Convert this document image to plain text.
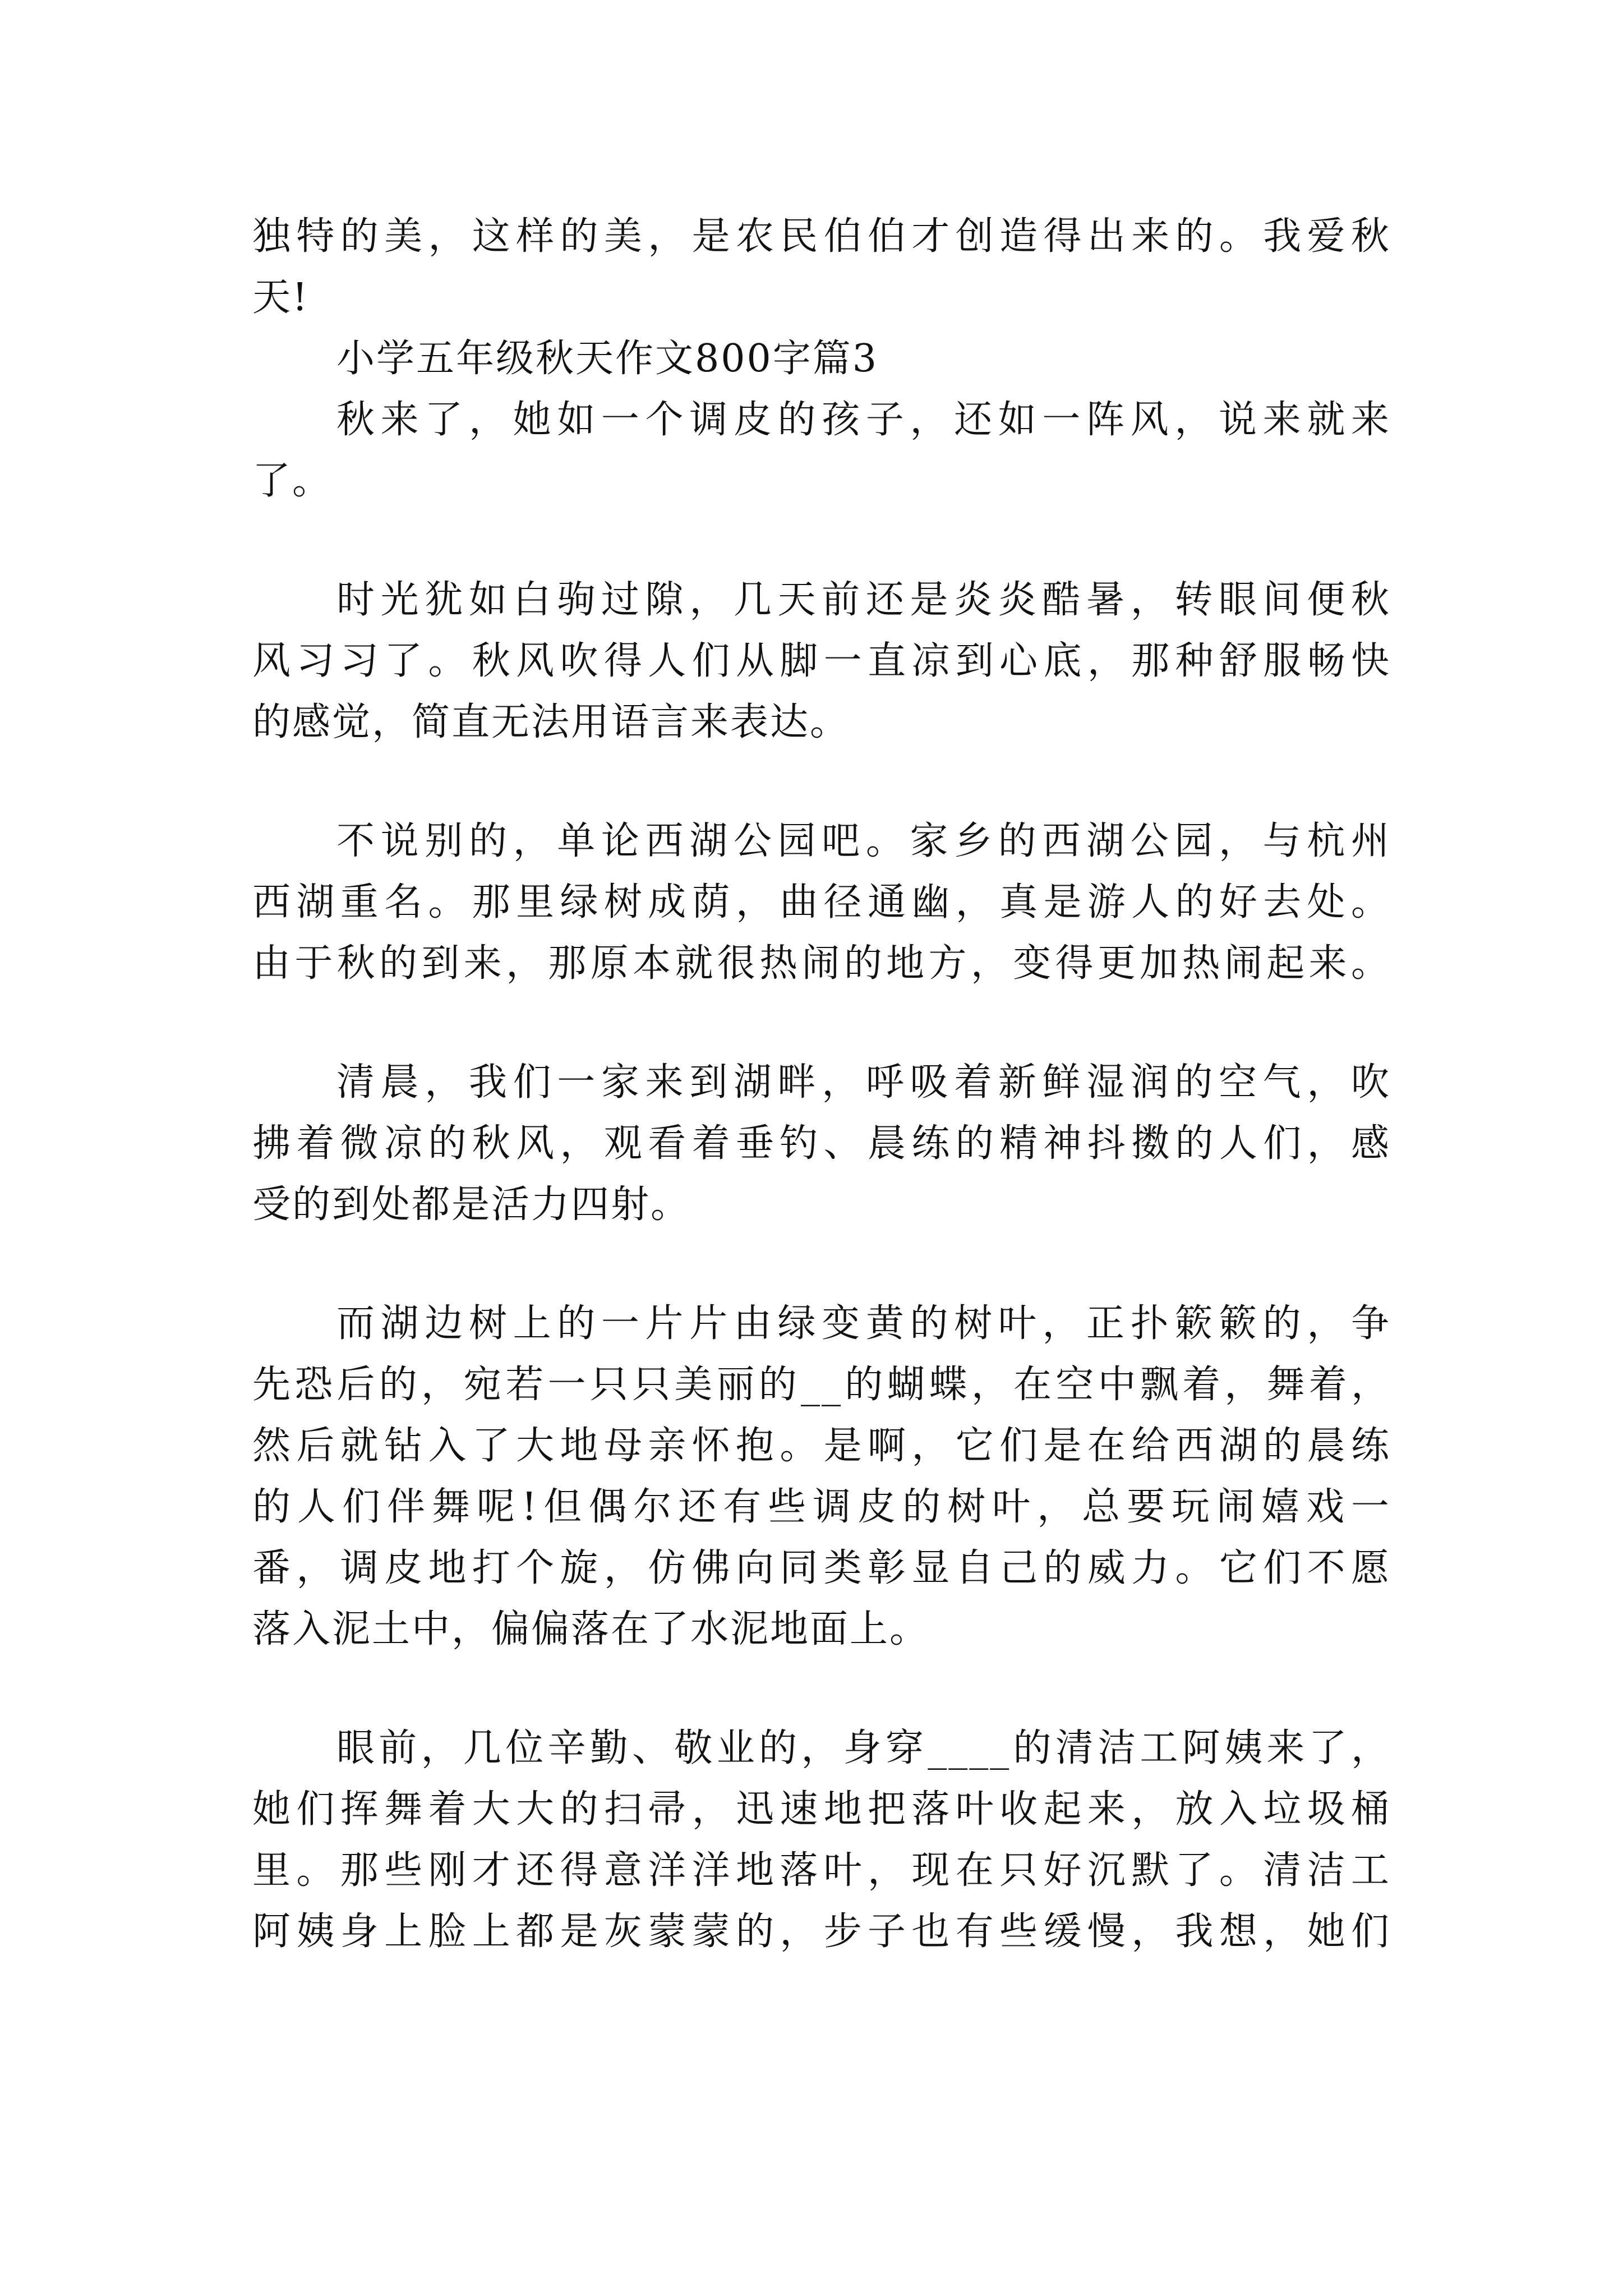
独特的美，这样的美，是农民伯伯才创造得出来的。我爱秋
天!
小学五年级秋天作文800字篇3
秋来了，她如一个调皮的孩子，还如一阵风，说来就来
了。
时光犹如白驹过隙，几天前还是炎炎酷暑，转眼间便秋
风习习了。秋风吹得人们从脚一直凉到心底，那种舒服畅快
的感觉，简直无法用语言来表达。
不说别的，单论西湖公园吧。家乡的西湖公园，与杭州
西湖重名。那里绿树成荫，曲径通幽，真是游人的好去处。
由于秋的到来，那原本就很热闹的地方，变得更加热闹起来。
清晨，我们一家来到湖畔，呼吸着新鲜湿润的空气，吹
拂着微凉的秋风，观看着垂钓、晨练的精神抖擞的人们，感
受的到处都是活力四射。
而湖边树上的一片片由绿变黄的树叶，正扑簌簌的，争
先恐后的，宛若一只只美丽的__的蝴蝶，在空中飘着，舞着，
然后就钻入了大地母亲怀抱。是啊，它们是在给西湖的晨练
的人们伴舞呢!但偶尔还有些调皮的树叶，总要玩闹嬉戏一
番，调皮地打个旋，仿佛向同类彰显自己的威力。它们不愿
落入泥土中，偏偏落在了水泥地面上。
眼前，几位辛勤、敬业的，身穿____的清洁工阿姨来了，
她们挥舞着大大的扫帚，迅速地把落叶收起来，放入垃圾桶
里。那些刚才还得意洋洋地落叶，现在只好沉默了。清洁工
阿姨身上脸上都是灰蒙蒙的，步子也有些缓慢，我想，她们
